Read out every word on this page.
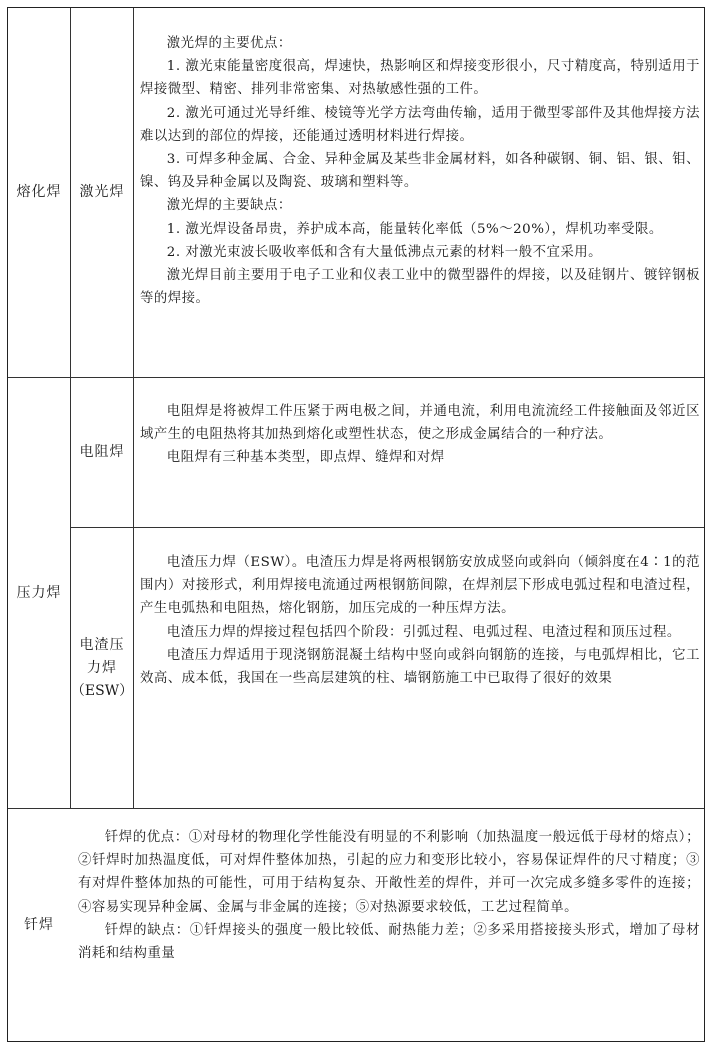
熔化焊	激光焊

激光焊的主要优点：

1. 激光束能量密度很高，焊速快，热影响区和焊接变形很小，尺寸精度高，特别适用于焊接微型、精密、排列非常密集、对热敏感性强的工件。

2. 激光可通过光导纤维、棱镜等光学方法弯曲传输，适用于微型零部件及其他焊接方法难以达到的部位的焊接，还能通过透明材料进行焊接。

3. 可焊多种金属、合金、异种金属及某些非金属材料，如各种碳钢、铜、铝、银、钼、镍、钨及异种金属以及陶瓷、玻璃和塑料等。

激光焊的主要缺点：

1. 激光焊设备昂贵，养护成本高，能量转化率低（5%～20%），焊机功率受限。

2. 对激光束波长吸收率低和含有大量低沸点元素的材料一般不宜采用。

激光焊目前主要用于电子工业和仪表工业中的微型器件的焊接，以及硅钢片、镀锌钢板等的焊接。

压力焊
电阻焊

电阻焊是将被焊工件压紧于两电极之间，并通电流，利用电流流经工件接触面及邻近区域产生的电阻热将其加热到熔化或塑性状态，使之形成金属结合的一种疗法。

电阻焊有三种基本类型，即点焊、缝焊和对焊

电渣压
力焊
（ESW）

电渣压力焊（ESW）。电渣压力焊是将两根钢筋安放成竖向或斜向（倾斜度在4∶1的范围内）对接形式，利用焊接电流通过两根钢筋间隙，在焊剂层下形成电弧过程和电渣过程，产生电弧热和电阻热，熔化钢筋，加压完成的一种压焊方法。

电渣压力焊的焊接过程包括四个阶段：引弧过程、电弧过程、电渣过程和顶压过程。

电渣压力焊适用于现浇钢筋混凝土结构中竖向或斜向钢筋的连接，与电弧焊相比，它工效高、成本低，我国在一些高层建筑的柱、墙钢筋施工中已取得了很好的效果

钎焊

钎焊的优点：①对母材的物理化学性能没有明显的不利影响（加热温度一般远低于母材的熔点）；②钎焊时加热温度低，可对焊件整体加热，引起的应力和变形比较小，容易保证焊件的尺寸精度；③有对焊件整体加热的可能性，可用于结构复杂、开敞性差的焊件，并可一次完成多缝多零件的连接；④容易实现异种金属、金属与非金属的连接；⑤对热源要求较低，工艺过程简单。

钎焊的缺点：①钎焊接头的强度一般比较低、耐热能力差；②多采用搭接接头形式，增加了母材消耗和结构重量
